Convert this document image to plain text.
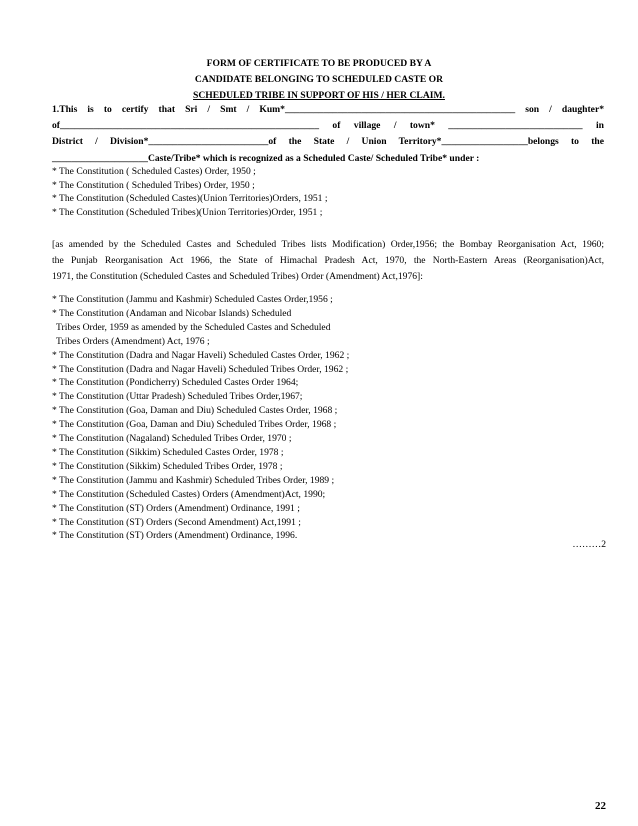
FORM OF CERTIFICATE TO BE PRODUCED BY A
CANDIDATE BELONGING TO SCHEDULED CASTE OR
SCHEDULED TRIBE IN SUPPORT OF HIS / HER CLAIM.
1.This is to certify that Sri / Smt / Kum*________________________________________________ son / daughter*
of______________________________________________________ of village / town* ____________________________ in
District / Division*_________________________of the State / Union Territory*__________________belongs to the
____________________Caste/Tribe* which is recognized as a Scheduled Caste/ Scheduled Tribe* under :
* The Constitution ( Scheduled Castes) Order, 1950 ;
* The Constitution ( Scheduled Tribes) Order, 1950 ;
* The Constitution (Scheduled Castes)(Union Territories)Orders, 1951 ;
* The Constitution (Scheduled Tribes)(Union Territories)Order, 1951 ;

[as amended by the Scheduled Castes and Scheduled Tribes lists Modification) Order,1956; the Bombay Reorganisation Act, 1960;

the Punjab Reorganisation Act 1966, the State of Himachal Pradesh Act, 1970, the North-Eastern Areas (Reorganisation)Act,

1971, the Constitution (Scheduled Castes and Scheduled Tribes) Order (Amendment) Act,1976]:

* The Constitution (Jammu and Kashmir) Scheduled Castes Order,1956 ;
* The Constitution (Andaman and Nicobar Islands) Scheduled
Tribes Order, 1959 as amended by the Scheduled Castes and Scheduled
Tribes Orders (Amendment) Act, 1976 ;
* The Constitution (Dadra and Nagar Haveli) Scheduled Castes Order, 1962 ;
* The Constitution (Dadra and Nagar Haveli) Scheduled Tribes Order, 1962 ;
* The Constitution (Pondicherry) Scheduled Castes Order 1964;
* The Constitution (Uttar Pradesh) Scheduled Tribes Order,1967;
* The Constitution (Goa, Daman and Diu) Scheduled Castes Order, 1968 ;
* The Constitution (Goa, Daman and Diu) Scheduled Tribes Order, 1968 ;
* The Constitution (Nagaland) Scheduled Tribes Order, 1970 ;
* The Constitution (Sikkim) Scheduled Castes Order, 1978 ;
* The Constitution (Sikkim) Scheduled Tribes Order, 1978 ;
* The Constitution (Jammu and Kashmir) Scheduled Tribes Order, 1989 ;
* The Constitution (Scheduled Castes) Orders (Amendment)Act, 1990;
* The Constitution (ST) Orders (Amendment) Ordinance, 1991 ;
* The Constitution (ST) Orders (Second Amendment) Act,1991 ;
* The Constitution (ST) Orders (Amendment) Ordinance, 1996.
………2
22
